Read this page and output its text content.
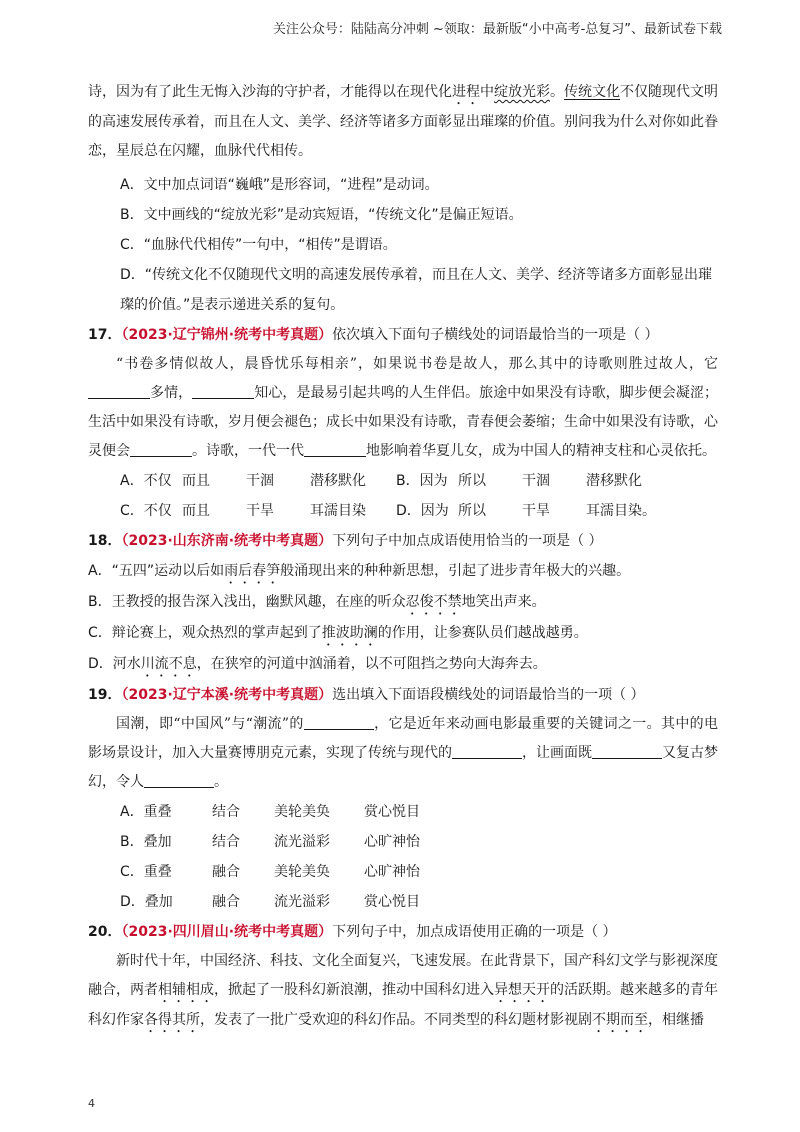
关注公众号：陆陆高分冲刺 ~领取：最新版“小中高考-总复习”、最新试卷下载

诗，因为有了此生无悔入沙海的守护者，才能得以在现代化进程中绽放光彩。传统文化不仅随现代文明的高速发展传承着，而且在人文、美学、经济等诸多方面彰显出璀璨的价值。别问我为什么对你如此眷恋，星辰总在闪耀，血脉代代相传。

A．文中加点词语“巍峨”是形容词，“进程”是动词。

B．文中画线的“绽放光彩”是动宾短语，“传统文化”是偏正短语。

C．“血脉代代相传”一句中，“相传”是谓语。

D．“传统文化不仅随现代文明的高速发展传承着，而且在人文、美学、经济等诸多方面彰显出璀璨的价值。”是表示递进关系的复句。

17．（2023·辽宁锦州·统考中考真题）依次填入下面句子横线处的词语最恰当的一项是（ ）

“书卷多情似故人，晨昏忧乐每相亲”，如果说书卷是故人，那么其中的诗歌则胜过故人，它多情，	知心，是最易引起共鸣的人生伴侣。旅途中如果没有诗歌，脚步便会凝涩；生活中如果没有诗歌，岁月便会褪色；成长中如果没有诗歌，青春便会萎缩；生命中如果没有诗歌，心灵便会	。诗歌，一代一代	地影响着华夏儿女，成为中国人的精神支柱和心灵依托。

A．不仅 而且	干涸	潜移默化 B．因为 所以	干涸	潜移默化

C．不仅 而且	干旱	耳濡目染 D．因为 所以	干旱	耳濡目染。

18．（2023·山东济南·统考中考真题）下列句子中加点成语使用恰当的一项是（ ）

A．“五四”运动以后如雨后春笋般涌现出来的种种新思想，引起了进步青年极大的兴趣。

B．王教授的报告深入浅出，幽默风趣，在座的听众忍俊不禁地笑出声来。

C．辩论赛上，观众热烈的掌声起到了推波助澜的作用，让参赛队员们越战越勇。

D．河水川流不息，在狭窄的河道中汹涌着，以不可阻挡之势向大海奔去。

19．（2023·辽宁本溪·统考中考真题）选出填入下面语段横线处的词语最恰当的一项（ ）

国潮，即“中国风”与“潮流”的	，它是近年来动画电影最重要的关键词之一。其中的电影场景设计，加入大量赛博朋克元素，实现了传统与现代的	，让画面既	又复古梦幻，令人	。

A．重叠	结合 美轮美奂 赏心悦目

B．叠加	结合 流光溢彩 心旷神怡

C．重叠	融合 美轮美奂 心旷神怡

D．叠加	融合 流光溢彩 赏心悦目

20．（2023·四川眉山·统考中考真题）下列句子中，加点成语使用正确的一项是（ ）

新时代十年，中国经济、科技、文化全面复兴，飞速发展。在此背景下，国产科幻文学与影视深度融合，两者相辅相成，掀起了一股科幻新浪潮，推动中国科幻进入异想天开的活跃期。越来越多的青年科幻作家各得其所，发表了一批广受欢迎的科幻作品。不同类型的科幻题材影视剧不期而至，相继播

4
